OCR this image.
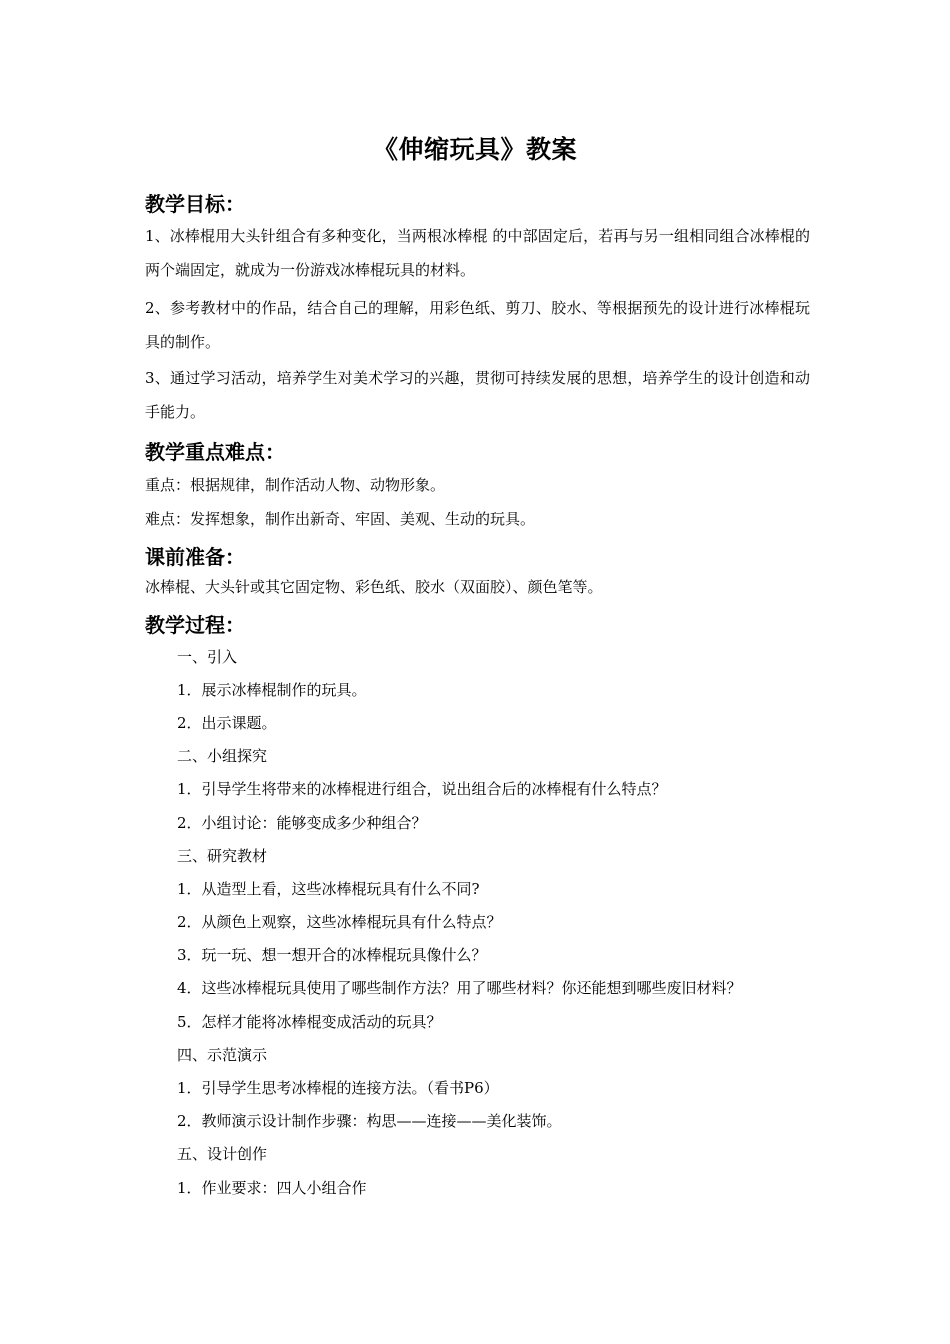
《伸缩玩具》教案
教学目标：
1、冰棒棍用大头针组合有多种变化，当两根冰棒棍 的中部固定后，若再与另一组相同组合冰棒棍的两个端固定，就成为一份游戏冰棒棍玩具的材料。
2、参考教材中的作品，结合自己的理解，用彩色纸、剪刀、胶水、等根据预先的设计进行冰棒棍玩具的制作。
3、通过学习活动，培养学生对美术学习的兴趣，贯彻可持续发展的思想，培养学生的设计创造和动手能力。
教学重点难点：
重点：根据规律，制作活动人物、动物形象。
难点：发挥想象，制作出新奇、牢固、美观、生动的玩具。
课前准备：
冰棒棍、大头针或其它固定物、彩色纸、胶水（双面胶）、颜色笔等。
教学过程：
一、引入
1．展示冰棒棍制作的玩具。
2．出示课题。
二、小组探究
1．引导学生将带来的冰棒棍进行组合，说出组合后的冰棒棍有什么特点？
2．小组讨论：能够变成多少种组合？
三、研究教材
1．从造型上看，这些冰棒棍玩具有什么不同?
2．从颜色上观察，这些冰棒棍玩具有什么特点？
3．玩一玩、想一想开合的冰棒棍玩具像什么？
4．这些冰棒棍玩具使用了哪些制作方法？用了哪些材料？你还能想到哪些废旧材料？
5．怎样才能将冰棒棍变成活动的玩具？
四、示范演示
1．引导学生思考冰棒棍的连接方法。（看书P6）
2．教师演示设计制作步骤：构思——连接——美化装饰。
五、设计创作
1．作业要求：四人小组合作
